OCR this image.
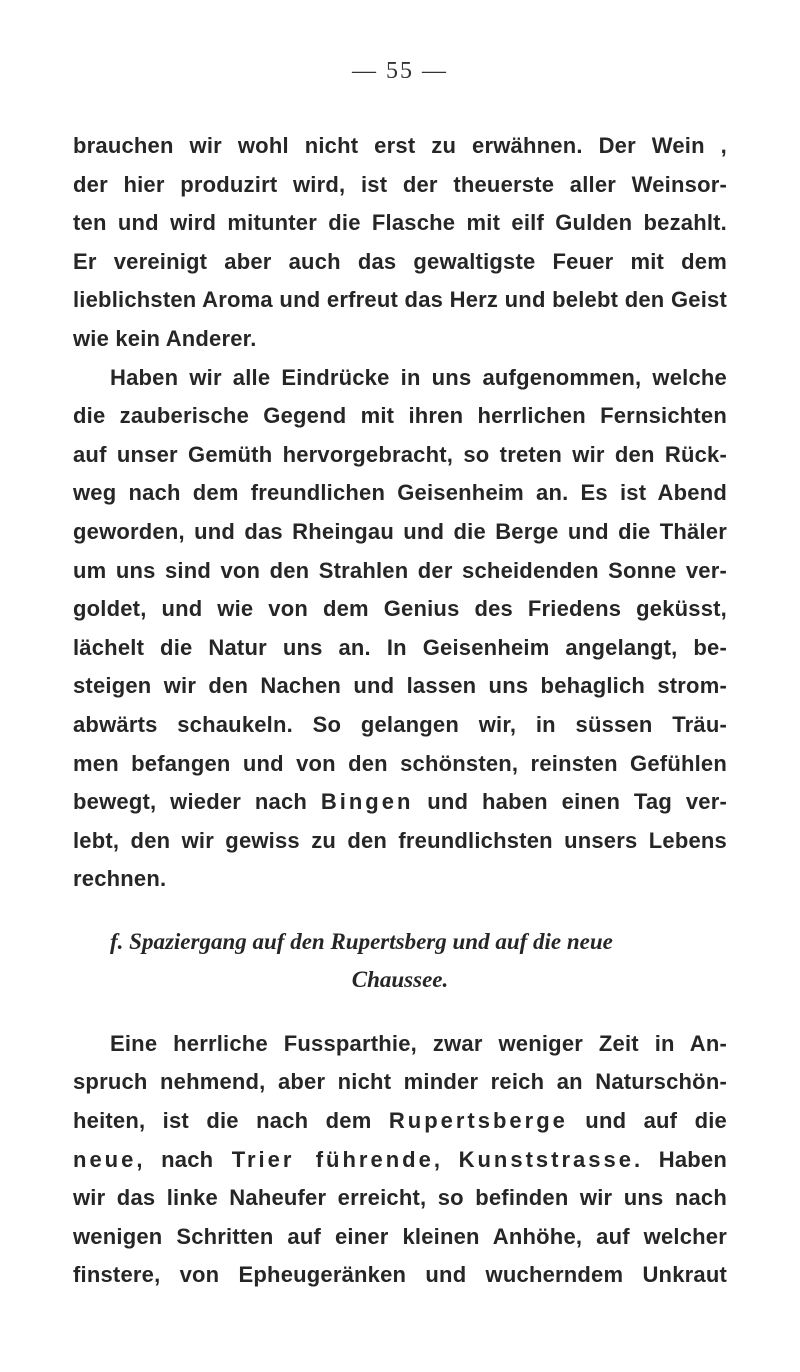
— 55 —
brauchen wir wohl nicht erst zu erwähnen. Der Wein ,
der hier produzirt wird, ist der theuerste aller Weinsor-
ten und wird mitunter die Flasche mit eilf Gulden bezahlt.
Er vereinigt aber auch das gewaltigste Feuer mit dem
lieblichsten Aroma und erfreut das Herz und belebt den Geist
wie kein Anderer.
Haben wir alle Eindrücke in uns aufgenommen, welche
die zauberische Gegend mit ihren herrlichen Fernsichten
auf unser Gemüth hervorgebracht, so treten wir den Rück-
weg nach dem freundlichen Geisenheim an. Es ist Abend
geworden, und das Rheingau und die Berge und die Thäler
um uns sind von den Strahlen der scheidenden Sonne ver-
goldet, und wie von dem Genius des Friedens geküsst,
lächelt die Natur uns an. In Geisenheim angelangt, be-
steigen wir den Nachen und lassen uns behaglich strom-
abwärts schaukeln. So gelangen wir, in süssen Träu-
men befangen und von den schönsten, reinsten Gefühlen
bewegt, wieder nach Bingen und haben einen Tag ver-
lebt, den wir gewiss zu den freundlichsten unsers Lebens
rechnen.
f. Spaziergang auf den Rupertsberg und auf die neue
Chaussee.
Eine herrliche Fussparthie, zwar weniger Zeit in An-
spruch nehmend, aber nicht minder reich an Naturschön-
heiten, ist die nach dem Rupertsberge und auf die
neue, nach Trier führende, Kunststrasse. Haben
wir das linke Naheufer erreicht, so befinden wir uns nach
wenigen Schritten auf einer kleinen Anhöhe, auf welcher
finstere, von Epheugeränken und wucherndem Unkraut
